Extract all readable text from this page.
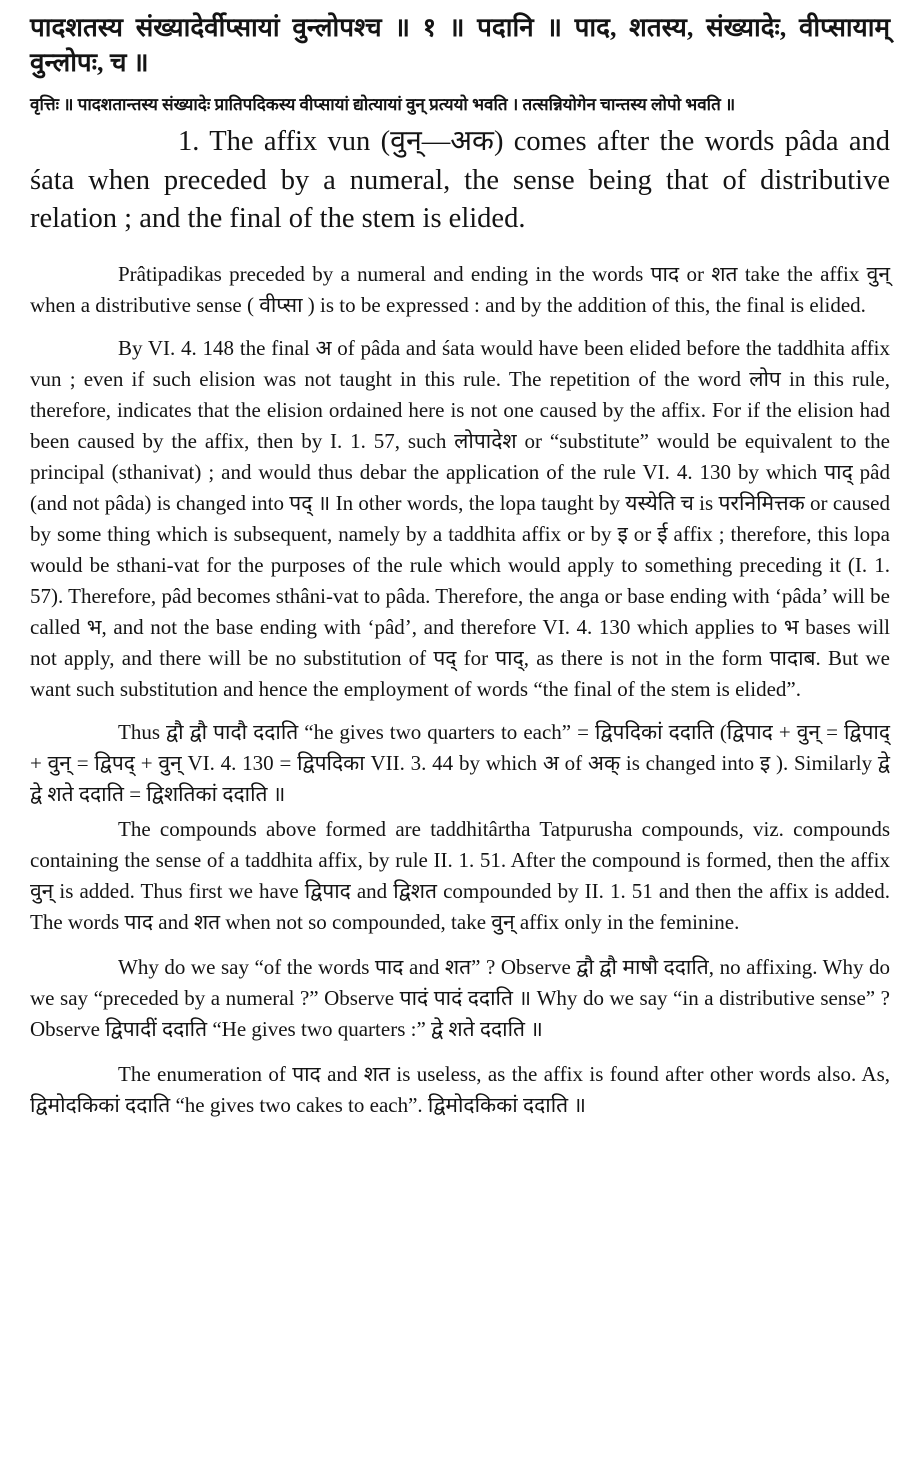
पादशतस्य संख्यादेर्वीप्सायां वुन्लोपश्च ॥ १ ॥ पदानि ॥ पाद, शतस्य, संख्यादेः, वीप्सायाम् वुन्लोपः, च ॥

वृत्तिः ॥ पादशतान्तस्य संख्यादेः प्रातिपदिकस्य वीप्सायां द्योत्यायां वुन् प्रत्ययो भवति । तत्सन्नियोगेन चान्तस्य लोपो भवति ॥

1. The affix vun (वुन्—अक) comes after the words pâda and śata when preceded by a numeral, the sense being that of distributive relation ; and the final of the stem is elided.

Prâtipadikas preceded by a numeral and ending in the words पाद or शत take the affix वुन् when a distributive sense ( वीप्सा ) is to be expressed : and by the addition of this, the final is elided.

By VI. 4. 148 the final अ of pâda and śata would have been elided before the taddhita affix vun ; even if such elision was not taught in this rule. The repetition of the word लोप in this rule, therefore, indicates that the elision ordained here is not one caused by the affix. For if the elision had been caused by the affix, then by I. 1. 57, such लोपादेश or “substitute” would be equivalent to the principal (sthanivat) ; and would thus debar the application of the rule VI. 4. 130 by which पाद् pâd (and not pâda) is changed into पद् ॥ In other words, the lopa taught by यस्येति च is परनिमित्तक or caused by some thing which is subsequent, namely by a taddhita affix or by इ or ई affix ; therefore, this lopa would be sthani-vat for the purposes of the rule which would apply to something preceding it (I. 1. 57). Therefore, pâd becomes sthâni-vat to pâda. Therefore, the anga or base ending with ‘pâda’ will be called भ, and not the base ending with ‘pâd’, and therefore VI. 4. 130 which applies to भ bases will not apply, and there will be no substitution of पद् for पाद्, as there is not in the form पादाब. But we want such substitution and hence the employment of words “the final of the stem is elided”.

Thus द्वौ द्वौ पादौ ददाति “he gives two quarters to each” = द्विपदिकां ददाति (द्विपाद + वुन् = द्विपाद् + वुन् = द्विपद् + वुन् VI. 4. 130 = द्विपदिका VII. 3. 44 by which अ of अक् is changed into इ ). Similarly द्वे द्वे शते ददाति = द्विशतिकां ददाति ॥

The compounds above formed are taddhitârtha Tatpurusha compounds, viz. compounds containing the sense of a taddhita affix, by rule II. 1. 51. After the compound is formed, then the affix वुन् is added. Thus first we have द्विपाद and द्विशत compounded by II. 1. 51 and then the affix is added. The words पाद and शत when not so compounded, take वुन् affix only in the feminine.

Why do we say “of the words पाद and शत” ? Observe द्वौ द्वौ माषौ ददाति, no affixing. Why do we say “preceded by a numeral ?” Observe पादं पादं ददाति ॥ Why do we say “in a distributive sense” ? Observe द्विपादीं ददाति “He gives two quarters :” द्वे शते ददाति ॥

The enumeration of पाद and शत is useless, as the affix is found after other words also. As, द्विमोदकिकां ददाति “he gives two cakes to each”. द्विमोदकिकां ददाति ॥
